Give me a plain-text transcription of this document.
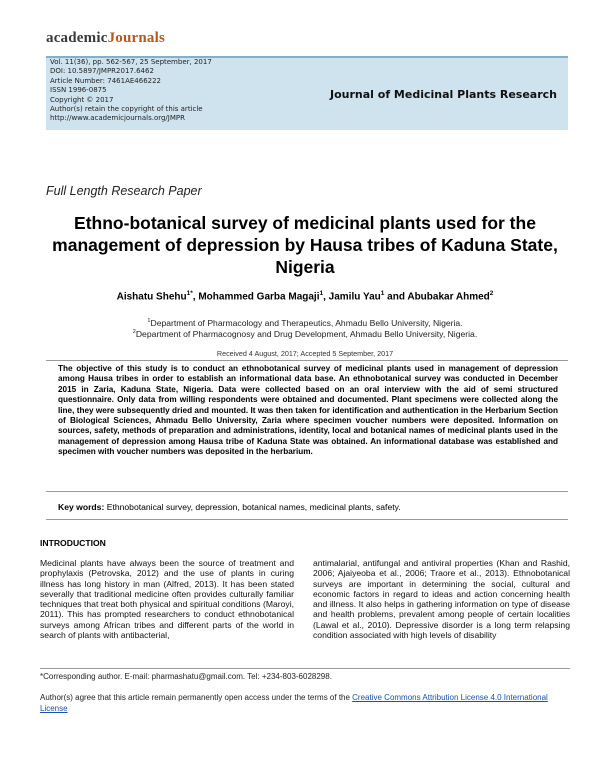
academicJournals
Vol. 11(36), pp. 562-567, 25 September, 2017
DOI: 10.5897/JMPR2017.6462
Article Number: 7461AE466222
ISSN 1996-0875
Copyright © 2017
Author(s) retain the copyright of this article
http://www.academicjournals.org/JMPR
Journal of Medicinal Plants Research
Full Length Research Paper
Ethno-botanical survey of medicinal plants used for the management of depression by Hausa tribes of Kaduna State, Nigeria
Aishatu Shehu$^{1*}$, Mohammed Garba Magaji$^1$, Jamilu Yau$^1$ and Abubakar Ahmed$^2$
$^1$Department of Pharmacology and Therapeutics, Ahmadu Bello University, Nigeria.
$^2$Department of Pharmacognosy and Drug Development, Ahmadu Bello University, Nigeria.
Received 4 August, 2017; Accepted 5 September, 2017
The objective of this study is to conduct an ethnobotanical survey of medicinal plants used in management of depression among Hausa tribes in order to establish an informational data base. An ethnobotanical survey was conducted in December 2015 in Zaria, Kaduna State, Nigeria. Data were collected based on an oral interview with the aid of semi structured questionnaire. Only data from willing respondents were obtained and documented. Plant specimens were collected along the line, they were subsequently dried and mounted. It was then taken for identification and authentication in the Herbarium Section of Biological Sciences, Ahmadu Bello University, Zaria where specimen voucher numbers were deposited. Information on sources, safety, methods of preparation and administrations, identity, local and botanical names of medicinal plants used in the management of depression among Hausa tribe of Kaduna State was obtained. An informational database was established and specimen with voucher numbers was deposited in the herbarium.
Key words: Ethnobotanical survey, depression, botanical names, medicinal plants, safety.
INTRODUCTION
Medicinal plants have always been the source of treatment and prophylaxis (Petrovska, 2012) and the use of plants in curing illness has long history in man (Alfred, 2013). It has been stated severally that traditional medicine often provides culturally familiar techniques that treat both physical and spiritual conditions (Maroyi, 2011). This has prompted researchers to conduct ethnobotanical surveys among African tribes and different parts of the world in search of plants with antibacterial,
antimalarial, antifungal and antiviral properties (Khan and Rashid, 2006; Ajaiyeoba et al., 2006; Traore et al., 2013). Ethnobotanical surveys are important in determining the social, cultural and economic factors in regard to ideas and action concerning health and illness. It also helps in gathering information on type of disease and health problems, prevalent among people of certain localities (Lawal et al., 2010). Depressive disorder is a long term relapsing condition associated with high levels of disability
*Corresponding author. E-mail: pharmashatu@gmail.com. Tel: +234-803-6028298.
Author(s) agree that this article remain permanently open access under the terms of the Creative Commons Attribution License 4.0 International License
